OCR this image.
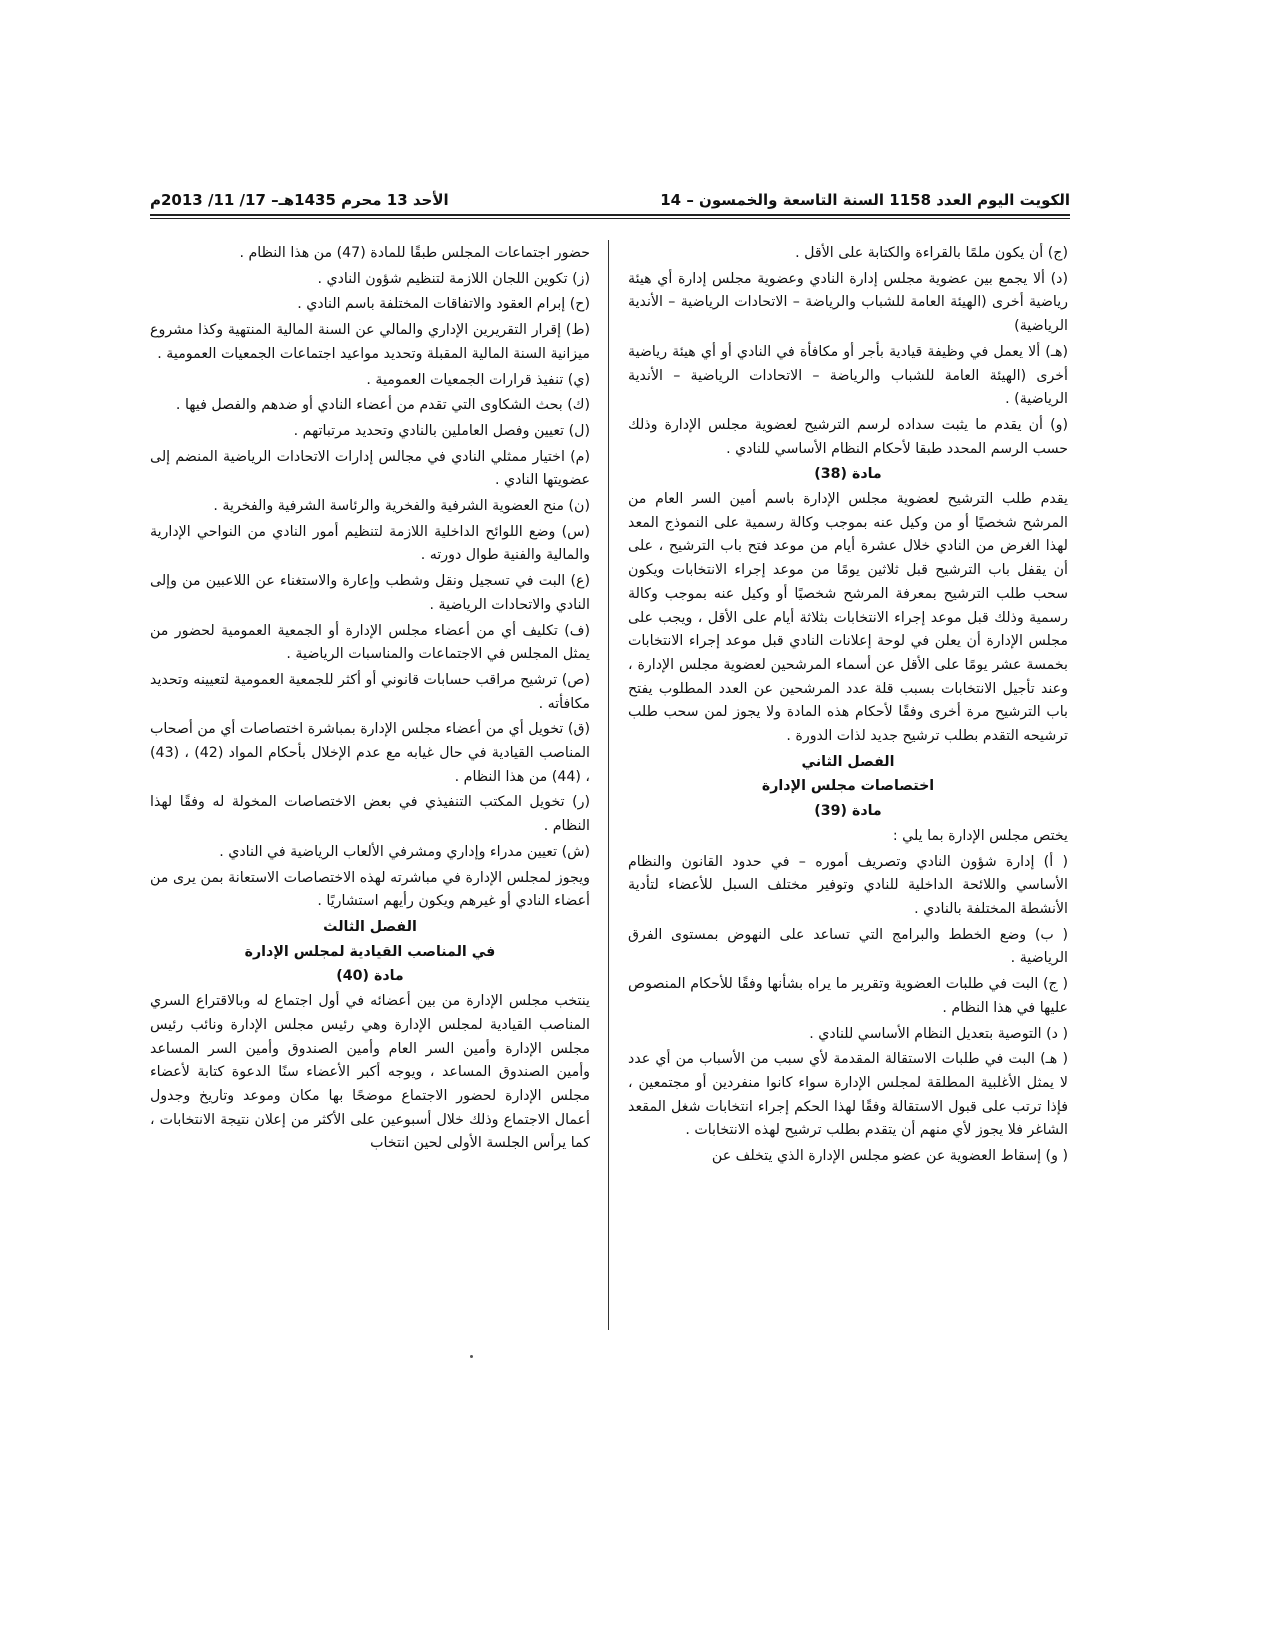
الكويت اليوم العدد 1158 السنة التاسعة والخمسون – 14
الأحد 13 محرم 1435هـ– 17/ 11/ 2013م

(ج) أن يكون ملمًا بالقراءة والكتابة على الأقل .

(د) ألا يجمع بين عضوية مجلس إدارة النادي وعضوية مجلس إدارة أي هيئة رياضية أخرى (الهيئة العامة للشباب والرياضة – الاتحادات الرياضية – الأندية الرياضية)

(هـ) ألا يعمل في وظيفة قيادية بأجر أو مكافأة في النادي أو أي هيئة رياضية أخرى (الهيئة العامة للشباب والرياضة – الاتحادات الرياضية – الأندية الرياضية) .

(و) أن يقدم ما يثبت سداده لرسم الترشيح لعضوية مجلس الإدارة وذلك حسب الرسم المحدد طبقا لأحكام النظام الأساسي للنادي .

مادة (38)

يقدم طلب الترشيح لعضوية مجلس الإدارة باسم أمين السر العام من المرشح شخصيًا أو من وكيل عنه بموجب وكالة رسمية على النموذج المعد لهذا الغرض من النادي خلال عشرة أيام من موعد فتح باب الترشيح ، على أن يقفل باب الترشيح قبل ثلاثين يومًا من موعد إجراء الانتخابات ويكون سحب طلب الترشيح بمعرفة المرشح شخصيًا أو وكيل عنه بموجب وكالة رسمية وذلك قبل موعد إجراء الانتخابات بثلاثة أيام على الأقل ، ويجب على مجلس الإدارة أن يعلن في لوحة إعلانات النادي قبل موعد إجراء الانتخابات بخمسة عشر يومًا على الأقل عن أسماء المرشحين لعضوية مجلس الإدارة ، وعند تأجيل الانتخابات بسبب قلة عدد المرشحين عن العدد المطلوب يفتح باب الترشيح مرة أخرى وفقًا لأحكام هذه المادة ولا يجوز لمن سحب طلب ترشيحه التقدم بطلب ترشيح جديد لذات الدورة .

الفصل الثاني

اختصاصات مجلس الإدارة

مادة (39)

يختص مجلس الإدارة بما يلي :

( أ) إدارة شؤون النادي وتصريف أموره – في حدود القانون والنظام الأساسي واللائحة الداخلية للنادي وتوفير مختلف السبل للأعضاء لتأدية الأنشطة المختلفة بالنادي .

( ب) وضع الخطط والبرامج التي تساعد على النهوض بمستوى الفرق الرياضية .

( ج) البت في طلبات العضوية وتقرير ما يراه بشأنها وفقًا للأحكام المنصوص عليها في هذا النظام .

( د) التوصية بتعديل النظام الأساسي للنادي .

( هـ) البت في طلبات الاستقالة المقدمة لأي سبب من الأسباب من أي عدد لا يمثل الأغلبية المطلقة لمجلس الإدارة سواء كانوا منفردين أو مجتمعين ، فإذا ترتب على قبول الاستقالة وفقًا لهذا الحكم إجراء انتخابات شغل المقعد الشاغر فلا يجوز لأي منهم أن يتقدم بطلب ترشيح لهذه الانتخابات .

( و) إسقاط العضوية عن عضو مجلس الإدارة الذي يتخلف عن

حضور اجتماعات المجلس طبقًا للمادة (47) من هذا النظام .

(ز) تكوين اللجان اللازمة لتنظيم شؤون النادي .

(ح) إبرام العقود والاتفاقات المختلفة باسم النادي .

(ط) إقرار التقريرين الإداري والمالي عن السنة المالية المنتهية وكذا مشروع ميزانية السنة المالية المقبلة وتحديد مواعيد اجتماعات الجمعيات العمومية .

(ي) تنفيذ قرارات الجمعيات العمومية .

(ك) بحث الشكاوى التي تقدم من أعضاء النادي أو ضدهم والفصل فيها .

(ل) تعيين وفصل العاملين بالنادي وتحديد مرتباتهم .

(م) اختيار ممثلي النادي في مجالس إدارات الاتحادات الرياضية المنضم إلى عضويتها النادي .

(ن) منح العضوية الشرفية والفخرية والرئاسة الشرفية والفخرية .

(س) وضع اللوائح الداخلية اللازمة لتنظيم أمور النادي من النواحي الإدارية والمالية والفنية طوال دورته .

(ع) البت في تسجيل ونقل وشطب وإعارة والاستغناء عن اللاعبين من وإلى النادي والاتحادات الرياضية .

(ف) تكليف أي من أعضاء مجلس الإدارة أو الجمعية العمومية لحضور من يمثل المجلس في الاجتماعات والمناسبات الرياضية .

(ص) ترشيح مراقب حسابات قانوني أو أكثر للجمعية العمومية لتعيينه وتحديد مكافأته .

(ق) تخويل أي من أعضاء مجلس الإدارة بمباشرة اختصاصات أي من أصحاب المناصب القيادية في حال غيابه مع عدم الإخلال بأحكام المواد (42) ، (43) ، (44) من هذا النظام .

(ر) تخويل المكتب التنفيذي في بعض الاختصاصات المخولة له وفقًا لهذا النظام .

(ش) تعيين مدراء وإداري ومشرفي الألعاب الرياضية في النادي .

ويجوز لمجلس الإدارة في مباشرته لهذه الاختصاصات الاستعانة بمن يرى من أعضاء النادي أو غيرهم ويكون رأيهم استشاريًا .

الفصل الثالث

في المناصب القيادية لمجلس الإدارة

مادة (40)

ينتخب مجلس الإدارة من بين أعضائه في أول اجتماع له وبالاقتراع السري المناصب القيادية لمجلس الإدارة وهي رئيس مجلس الإدارة ونائب رئيس مجلس الإدارة وأمين السر العام وأمين الصندوق وأمين السر المساعد وأمين الصندوق المساعد ، ويوجه أكبر الأعضاء سنًا الدعوة كتابة لأعضاء مجلس الإدارة لحضور الاجتماع موضحًا بها مكان وموعد وتاريخ وجدول أعمال الاجتماع وذلك خلال أسبوعين على الأكثر من إعلان نتيجة الانتخابات ، كما يرأس الجلسة الأولى لحين انتخاب
